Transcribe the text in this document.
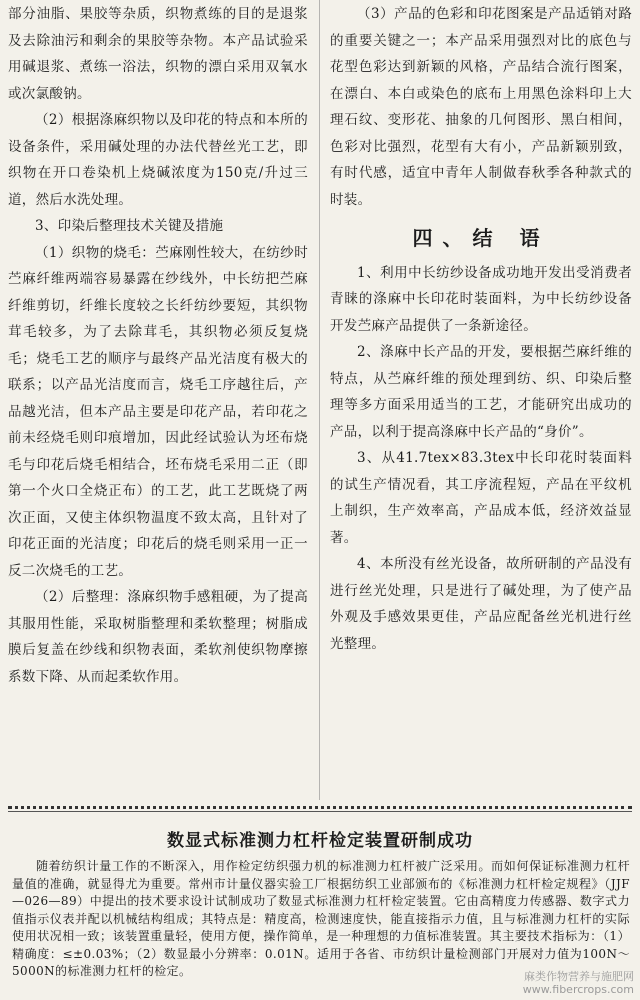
部分油脂、果胶等杂质，织物煮练的目的是退浆及去除油污和剩余的果胶等杂物。本产品试验采用碱退浆、煮练一浴法，织物的漂白采用双氧水或次氯酸钠。

（2）根据涤麻织物以及印花的特点和本所的设备条件，采用碱处理的办法代替丝光工艺，即织物在开口卷染机上烧碱浓度为150克/升过三道，然后水洗处理。

3、印染后整理技术关键及措施

（1）织物的烧毛：苎麻刚性较大，在纺纱时苎麻纤维两端容易暴露在纱线外，中长纺把苎麻纤维剪切，纤维长度较之长纤纺纱要短，其织物茸毛较多，为了去除茸毛，其织物必须反复烧毛；烧毛工艺的顺序与最终产品光洁度有极大的联系；以产品光洁度而言，烧毛工序越往后，产品越光洁，但本产品主要是印花产品，若印花之前未经烧毛则印痕增加，因此经试验认为坯布烧毛与印花后烧毛相结合，坯布烧毛采用二正（即第一个火口全烧正布）的工艺，此工艺既烧了两次正面，又使主体织物温度不致太高，且针对了印花正面的光洁度；印花后的烧毛则采用一正一反二次烧毛的工艺。

（2）后整理：涤麻织物手感粗硬，为了提高其服用性能，采取树脂整理和柔软整理；树脂成膜后复盖在纱线和织物表面，柔软剂使织物摩擦系数下降、从而起柔软作用。

（3）产品的色彩和印花图案是产品适销对路的重要关键之一；本产品采用强烈对比的底色与花型色彩达到新颖的风格，产品结合流行图案，在漂白、本白或染色的底布上用黑色涂料印上大理石纹、变形花、抽象的几何图形、黑白相间，色彩对比强烈，花型有大有小，产品新颖别致，有时代感，适宜中青年人制做春秋季各种款式的时装。

四、结 语

1、利用中长纺纱设备成功地开发出受消费者青睐的涤麻中长印花时装面料，为中长纺纱设备开发苎麻产品提供了一条新途径。

2、涤麻中长产品的开发，要根据苎麻纤维的特点，从苎麻纤维的预处理到纺、织、印染后整理等多方面采用适当的工艺，才能研究出成功的产品，以利于提高涤麻中长产品的“身价”。

3、从41.7tex×83.3tex中长印花时装面料的试生产情况看，其工序流程短，产品在平纹机上制织，生产效率高，产品成本低，经济效益显著。

4、本所没有丝光设备，故所研制的产品没有进行丝光处理，只是进行了碱处理，为了使产品外观及手感效果更佳，产品应配备丝光机进行丝光整理。

数显式标准测力杠杆检定装置研制成功
随着纺织计量工作的不断深入，用作检定纺织强力机的标准测力杠杆被广泛采用。而如何保证标准测力杠杆量值的准确，就显得尤为重要。常州市计量仪器实验工厂根据纺织工业部颁布的《标准测力杠杆检定规程》（JJF—026—89）中提出的技术要求设计试制成功了数显式标准测力杠杆检定装置。它由高精度力传感器、数字式力值指示仪表并配以机械结构组成；其特点是：精度高，检测速度快，能直接指示力值，且与标准测力杠杆的实际使用状况相一致；该装置重量轻，使用方便，操作简单，是一种理想的力值标准装置。其主要技术指标为：（1）精确度：≤±0.03%；（2）数显最小分辨率：0.01N。适用于各省、市纺织计量检测部门开展对力值为100N～5000N的标准测力杠杆的检定。	麻类作物营养与施肥网
www.fibercrops.com
